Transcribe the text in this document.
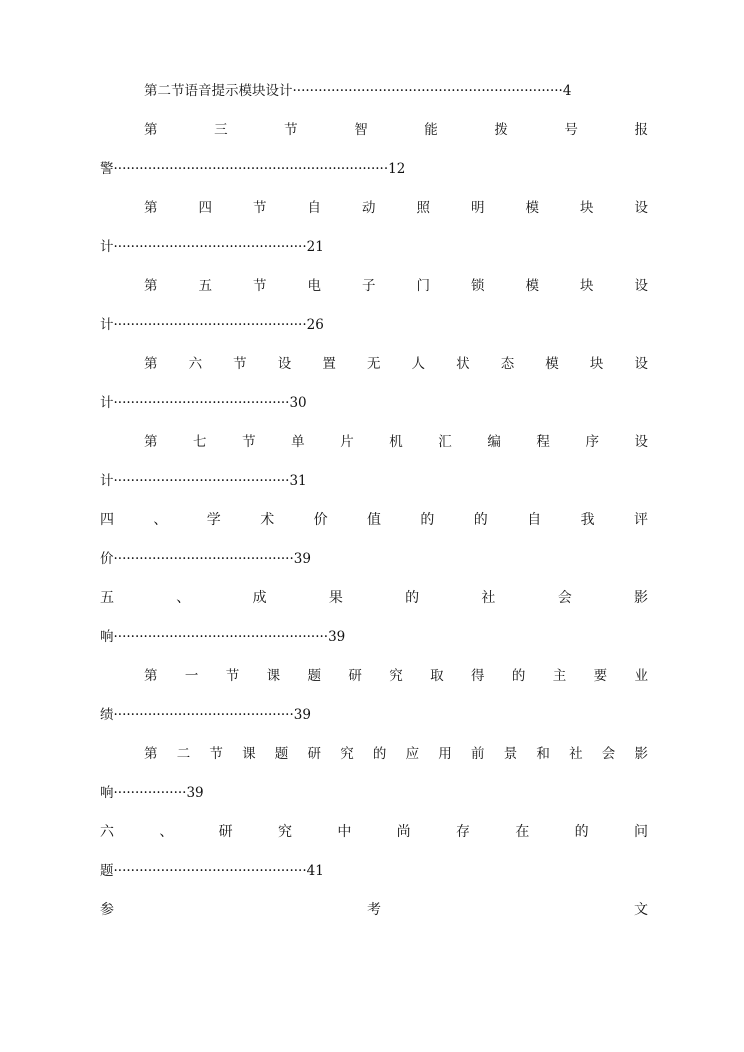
第二节语音提示模块设计·······························································4
第 三 节 智 能 拨 号 报
警································································12
第 四 节 自 动 照 明 模 块 设
计·············································21
第 五 节 电 子 门 锁 模 块 设
计·············································26
第 六 节 设 置 无 人 状 态 模 块 设
计·········································30
第 七 节 单 片 机 汇 编 程 序 设
计·········································31
四 、 学 术 价 值 的 的 自 我 评
价··········································39
五 、 成 果 的 社 会 影
响··················································39
第 一 节 课 题 研 究 取 得 的 主 要 业
绩··········································39
第 二 节 课 题 研 究 的 应 用 前 景 和 社 会 影
响·················39
六 、 研 究 中 尚 存 在 的 问
题·············································41
参 考 文
